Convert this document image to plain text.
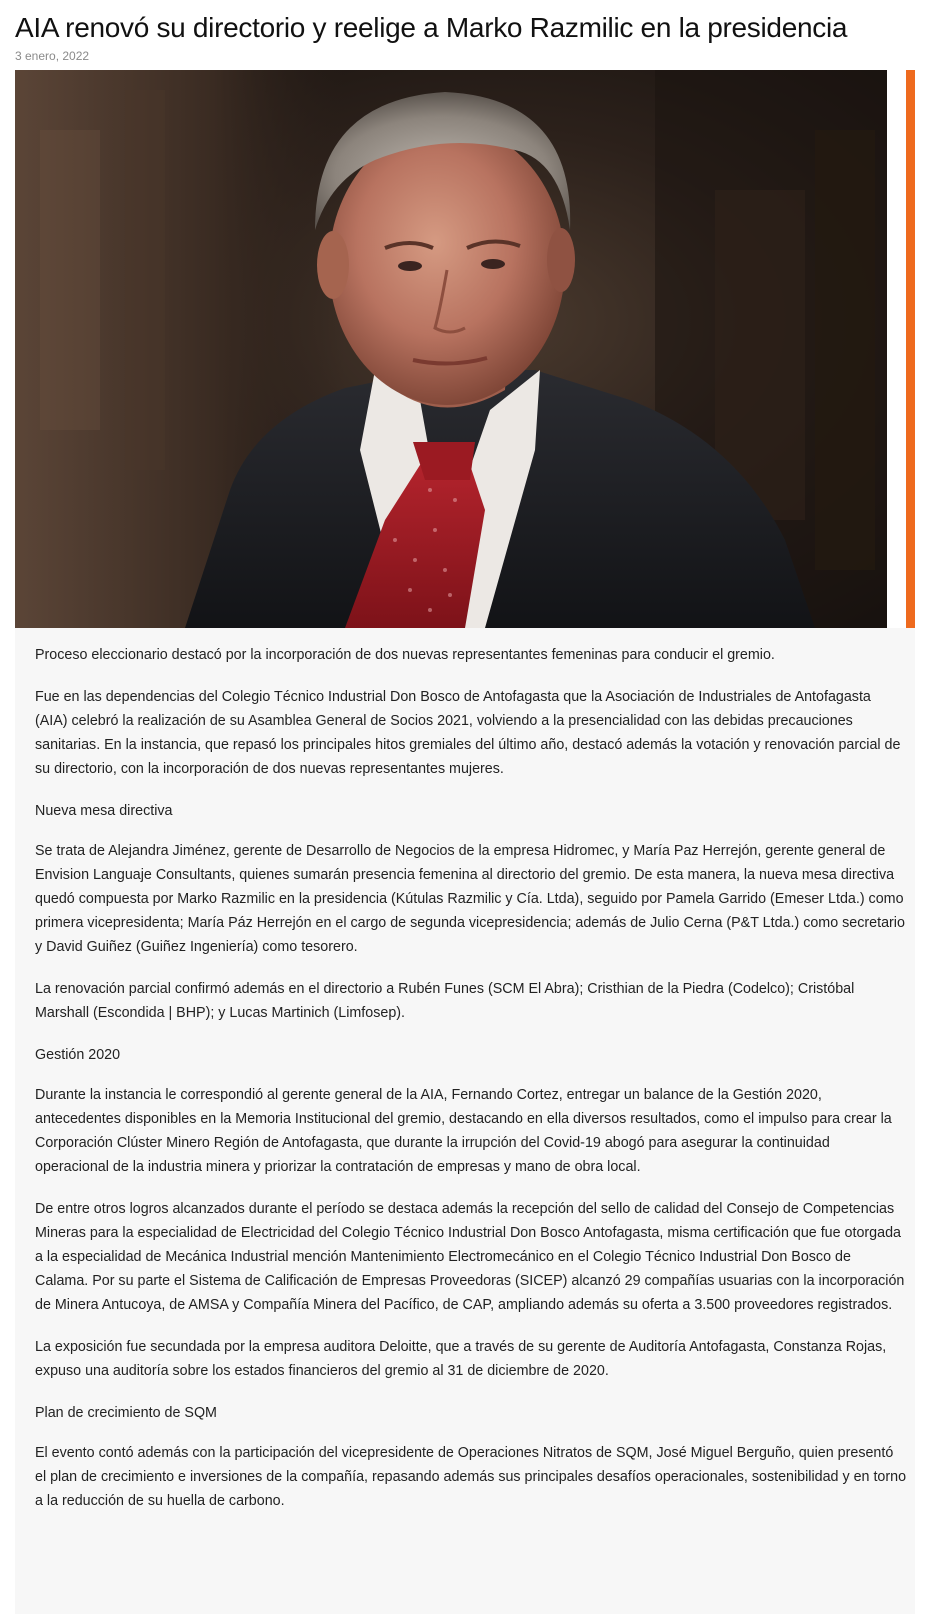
AIA renovó su directorio y reelige a Marko Razmilic en la presidencia
3 enero, 2022

Proceso eleccionario destacó por la incorporación de dos nuevas representantes femeninas para conducir el gremio.

Fue en las dependencias del Colegio Técnico Industrial Don Bosco de Antofagasta que la Asociación de Industriales de Antofagasta (AIA) celebró la realización de su Asamblea General de Socios 2021, volviendo a la presencialidad con las debidas precauciones sanitarias. En la instancia, que repasó los principales hitos gremiales del último año, destacó además la votación y renovación parcial de su directorio, con la incorporación de dos nuevas representantes mujeres.

Nueva mesa directiva

Se trata de Alejandra Jiménez, gerente de Desarrollo de Negocios de la empresa Hidromec, y María Paz Herrejón, gerente general de Envision Languaje Consultants, quienes sumarán presencia femenina al directorio del gremio. De esta manera, la nueva mesa directiva quedó compuesta por Marko Razmilic en la presidencia (Kútulas Razmilic y Cía. Ltda), seguido por Pamela Garrido (Emeser Ltda.) como primera vicepresidenta; María Páz Herrejón en el cargo de segunda vicepresidencia; además de Julio Cerna (P&T Ltda.) como secretario y David Guiñez (Guiñez Ingeniería) como tesorero.

La renovación parcial confirmó además en el directorio a Rubén Funes (SCM El Abra); Cristhian de la Piedra (Codelco); Cristóbal Marshall (Escondida | BHP); y Lucas Martinich (Limfosep).

Gestión 2020

Durante la instancia le correspondió al gerente general de la AIA, Fernando Cortez, entregar un balance de la Gestión 2020, antecedentes disponibles en la Memoria Institucional del gremio, destacando en ella diversos resultados, como el impulso para crear la Corporación Clúster Minero Región de Antofagasta, que durante la irrupción del Covid-19 abogó para asegurar la continuidad operacional de la industria minera y priorizar la contratación de empresas y mano de obra local.

De entre otros logros alcanzados durante el período se destaca además la recepción del sello de calidad del Consejo de Competencias Mineras para la especialidad de Electricidad del Colegio Técnico Industrial Don Bosco Antofagasta, misma certificación que fue otorgada a la especialidad de Mecánica Industrial mención Mantenimiento Electromecánico en el Colegio Técnico Industrial Don Bosco de Calama. Por su parte el Sistema de Calificación de Empresas Proveedoras (SICEP) alcanzó 29 compañías usuarias con la incorporación de Minera Antucoya, de AMSA y Compañía Minera del Pacífico, de CAP, ampliando además su oferta a 3.500 proveedores registrados.

La exposición fue secundada por la empresa auditora Deloitte, que a través de su gerente de Auditoría Antofagasta, Constanza Rojas, expuso una auditoría sobre los estados financieros del gremio al 31 de diciembre de 2020.

Plan de crecimiento de SQM

El evento contó además con la participación del vicepresidente de Operaciones Nitratos de SQM, José Miguel Berguño, quien presentó el plan de crecimiento e inversiones de la compañía, repasando además sus principales desafíos operacionales, sostenibilidad y en torno a la reducción de su huella de carbono.
